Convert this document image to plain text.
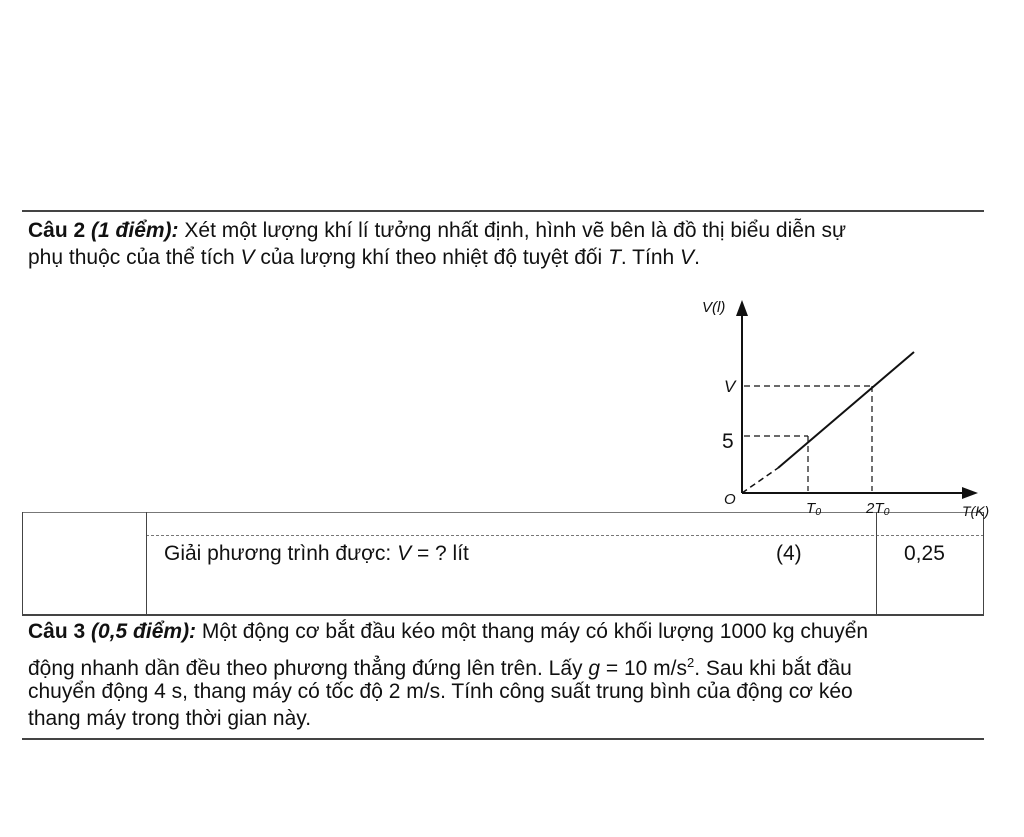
Câu 2 (1 điểm): Xét một lượng khí lí tưởng nhất định, hình vẽ bên là đồ thị biểu diễn sự
phụ thuộc của thể tích V của lượng khí theo nhiệt độ tuyệt đối T. Tính V.
V(l)
V
5
O
T₀	2T₀	T(K)
Giải phương trình được: V = ? lít	(4)	0,25
Câu 3 (0,5 điểm): Một động cơ bắt đầu kéo một thang máy có khối lượng 1000 kg chuyển
động nhanh dần đều theo phương thẳng đứng lên trên. Lấy g = 10 $m/s^2$. Sau khi bắt đầu
chuyển động 4 s, thang máy có tốc độ 2 m/s. Tính công suất trung bình của động cơ kéo
thang máy trong thời gian này.
